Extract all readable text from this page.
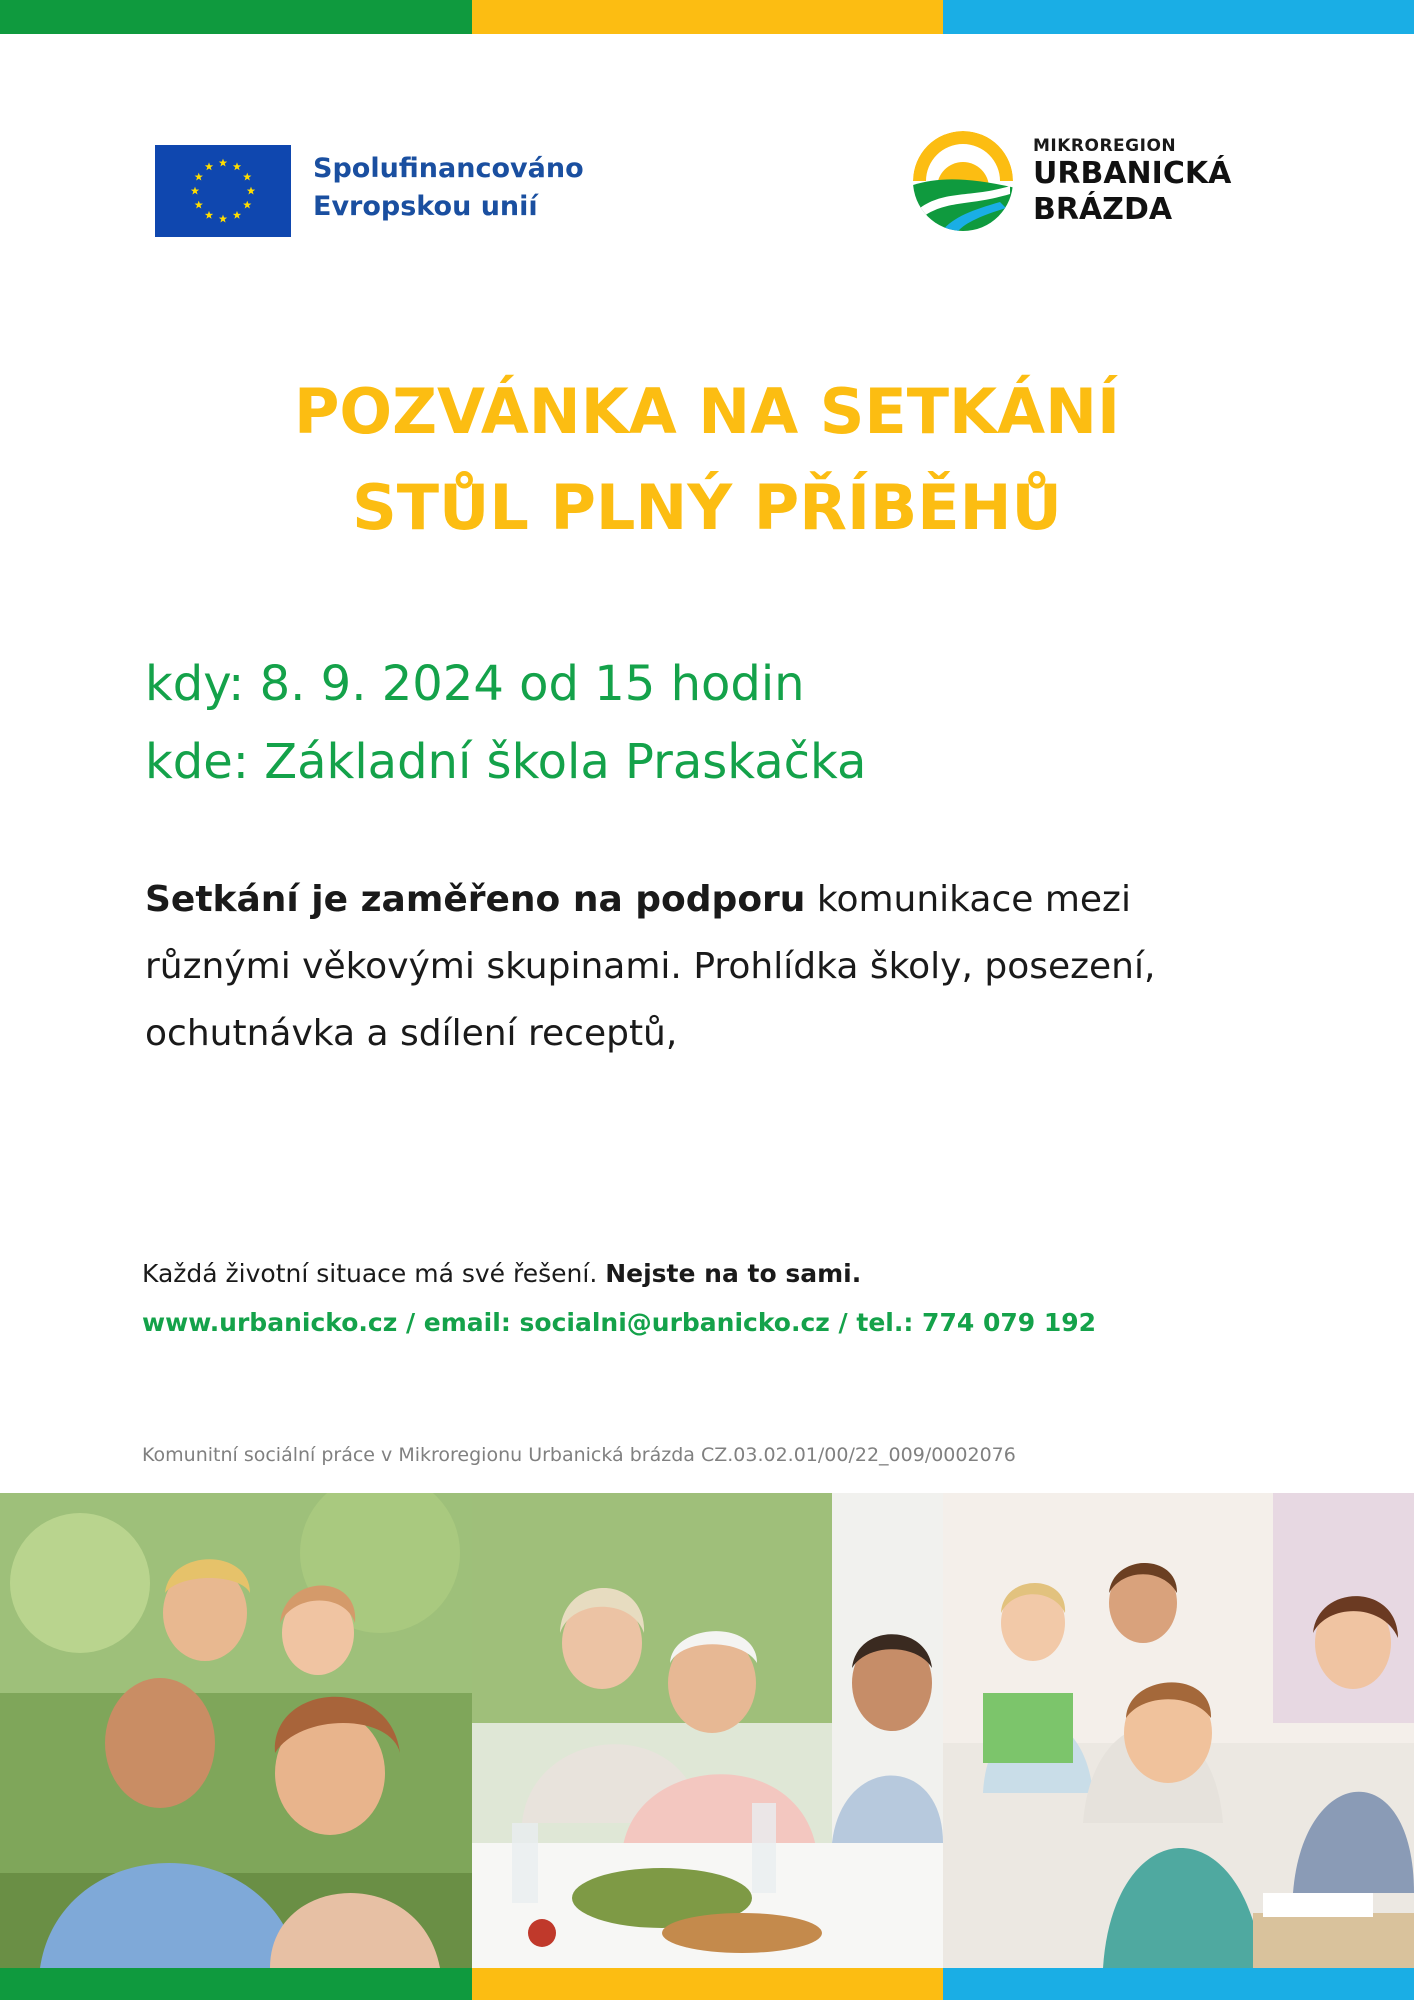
Spolufinancováno
Evropskou unií
MIKROREGION
URBANICKÁ
BRÁZDA
POZVÁNKA NA SETKÁNÍ
STŮL PLNÝ PŘÍBĚHŮ
kdy: 8. 9. 2024 od 15 hodin
kde: Základní škola Praskačka
Setkání je zaměřeno na podporu komunikace mezi různými věkovými skupinami. Prohlídka školy, posezení, ochutnávka a sdílení receptů,
Každá životní situace má své řešení. Nejste na to sami.
www.urbanicko.cz / email: socialni@urbanicko.cz / tel.: 774 079 192
Komunitní sociální práce v Mikroregionu Urbanická brázda CZ.03.02.01/00/22_009/0002076
